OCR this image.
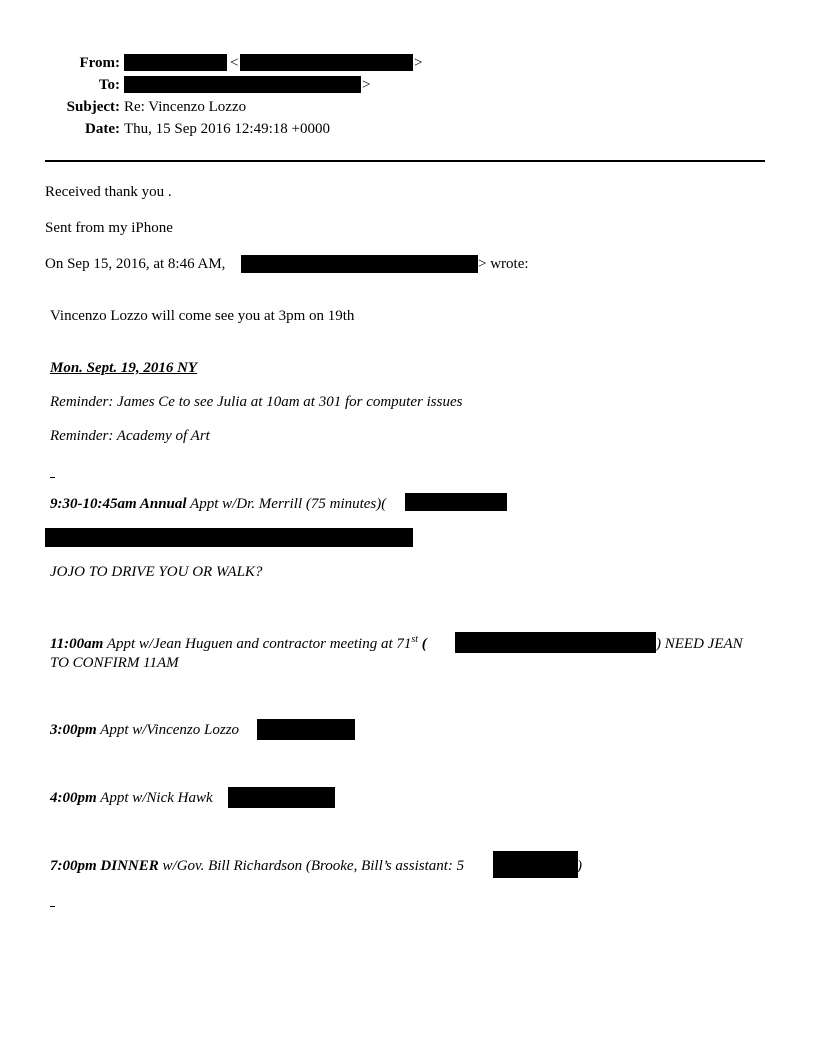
From:	<	>
To:	>
Subject: Re: Vincenzo Lozzo
Date: Thu, 15 Sep 2016 12:49:18 +0000
Received thank you .
Sent from my iPhone
On Sep 15, 2016, at 8:46 AM,	> wrote:
Vincenzo Lozzo will come see you at 3pm on 19th
Mon. Sept. 19, 2016 NY
Reminder: James Ce to see Julia at 10am at 301 for computer issues
Reminder: Academy of Art
9:30-10:45am Annual Appt w/Dr. Merrill (75 minutes)(
JOJO TO DRIVE YOU OR WALK?
11:00am Appt w/Jean Huguen and contractor meeting at 71st (	) NEED JEAN
TO CONFIRM 11AM
3:00pm Appt w/Vincenzo Lozzo
4:00pm Appt w/Nick Hawk
7:00pm DINNER w/Gov. Bill Richardson (Brooke, Bill’s assistant: 5	)
